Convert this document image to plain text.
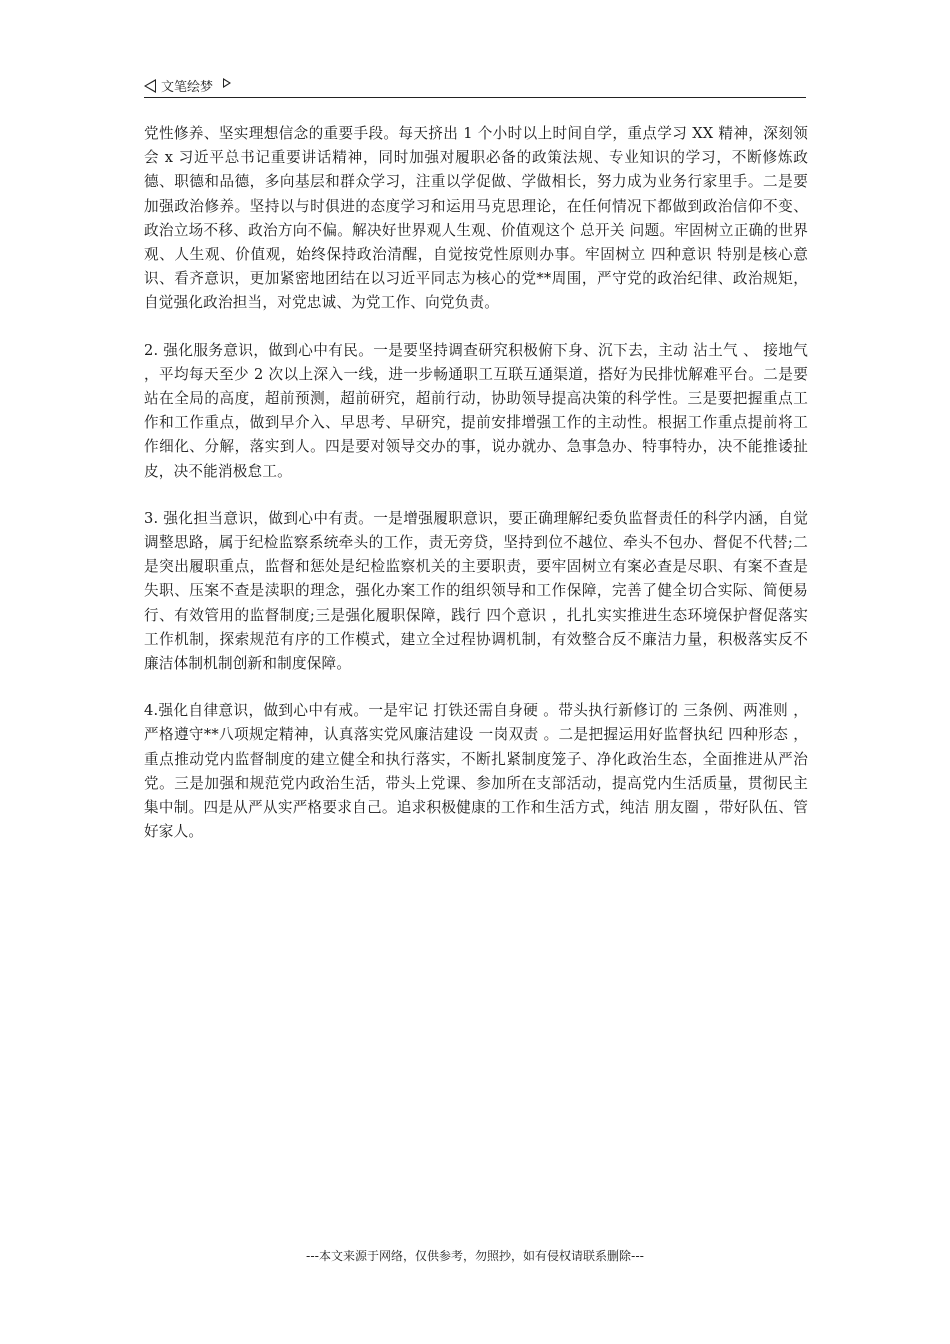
文笔绘梦

党性修养、坚实理想信念的重要手段。每天挤出 1 个小时以上时间自学，重点学习 XX 精神，深刻领会 x 习近平总书记重要讲话精神，同时加强对履职必备的政策法规、专业知识的学习，不断修炼政德、职德和品德，多向基层和群众学习，注重以学促做、学做相长，努力成为业务行家里手。二是要加强政治修养。坚持以与时俱进的态度学习和运用马克思理论，在任何情况下都做到政治信仰不变、政治立场不移、政治方向不偏。解决好世界观人生观、价值观这个 总开关 问题。牢固树立正确的世界观、人生观、价值观，始终保持政治清醒，自觉按党性原则办事。牢固树立 四种意识 特别是核心意识、看齐意识，更加紧密地团结在以习近平同志为核心的党**周围，严守党的政治纪律、政治规矩，自觉强化政治担当，对党忠诚、为党工作、向党负责。

2. 强化服务意识，做到心中有民。一是要坚持调查研究积极俯下身、沉下去，主动 沾土气 、 接地气 ，平均每天至少 2 次以上深入一线，进一步畅通职工互联互通渠道，搭好为民排忧解难平台。二是要站在全局的高度，超前预测，超前研究，超前行动，协助领导提高决策的科学性。三是要把握重点工作和工作重点，做到早介入、早思考、早研究，提前安排增强工作的主动性。根据工作重点提前将工作细化、分解，落实到人。四是要对领导交办的事，说办就办、急事急办、特事特办，决不能推诿扯皮，决不能消极怠工。

3. 强化担当意识，做到心中有责。一是增强履职意识，要正确理解纪委负监督责任的科学内涵，自觉调整思路，属于纪检监察系统牵头的工作，责无旁贷，坚持到位不越位、牵头不包办、督促不代替;二是突出履职重点，监督和惩处是纪检监察机关的主要职责，要牢固树立有案必查是尽职、有案不查是失职、压案不查是渎职的理念，强化办案工作的组织领导和工作保障，完善了健全切合实际、简便易行、有效管用的监督制度;三是强化履职保障，践行 四个意识 ，扎扎实实推进生态环境保护督促落实工作机制，探索规范有序的工作模式，建立全过程协调机制，有效整合反不廉洁力量，积极落实反不廉洁体制机制创新和制度保障。

4.强化自律意识，做到心中有戒。一是牢记 打铁还需自身硬 。带头执行新修订的 三条例、两准则 ，严格遵守**八项规定精神，认真落实党风廉洁建设 一岗双责 。二是把握运用好监督执纪 四种形态 ，重点推动党内监督制度的建立健全和执行落实，不断扎紧制度笼子、净化政治生态，全面推进从严治党。三是加强和规范党内政治生活，带头上党课、参加所在支部活动，提高党内生活质量，贯彻民主集中制。四是从严从实严格要求自己。追求积极健康的工作和生活方式，纯洁 朋友圈 ，带好队伍、管好家人。

---本文来源于网络，仅供参考，勿照抄，如有侵权请联系删除---
